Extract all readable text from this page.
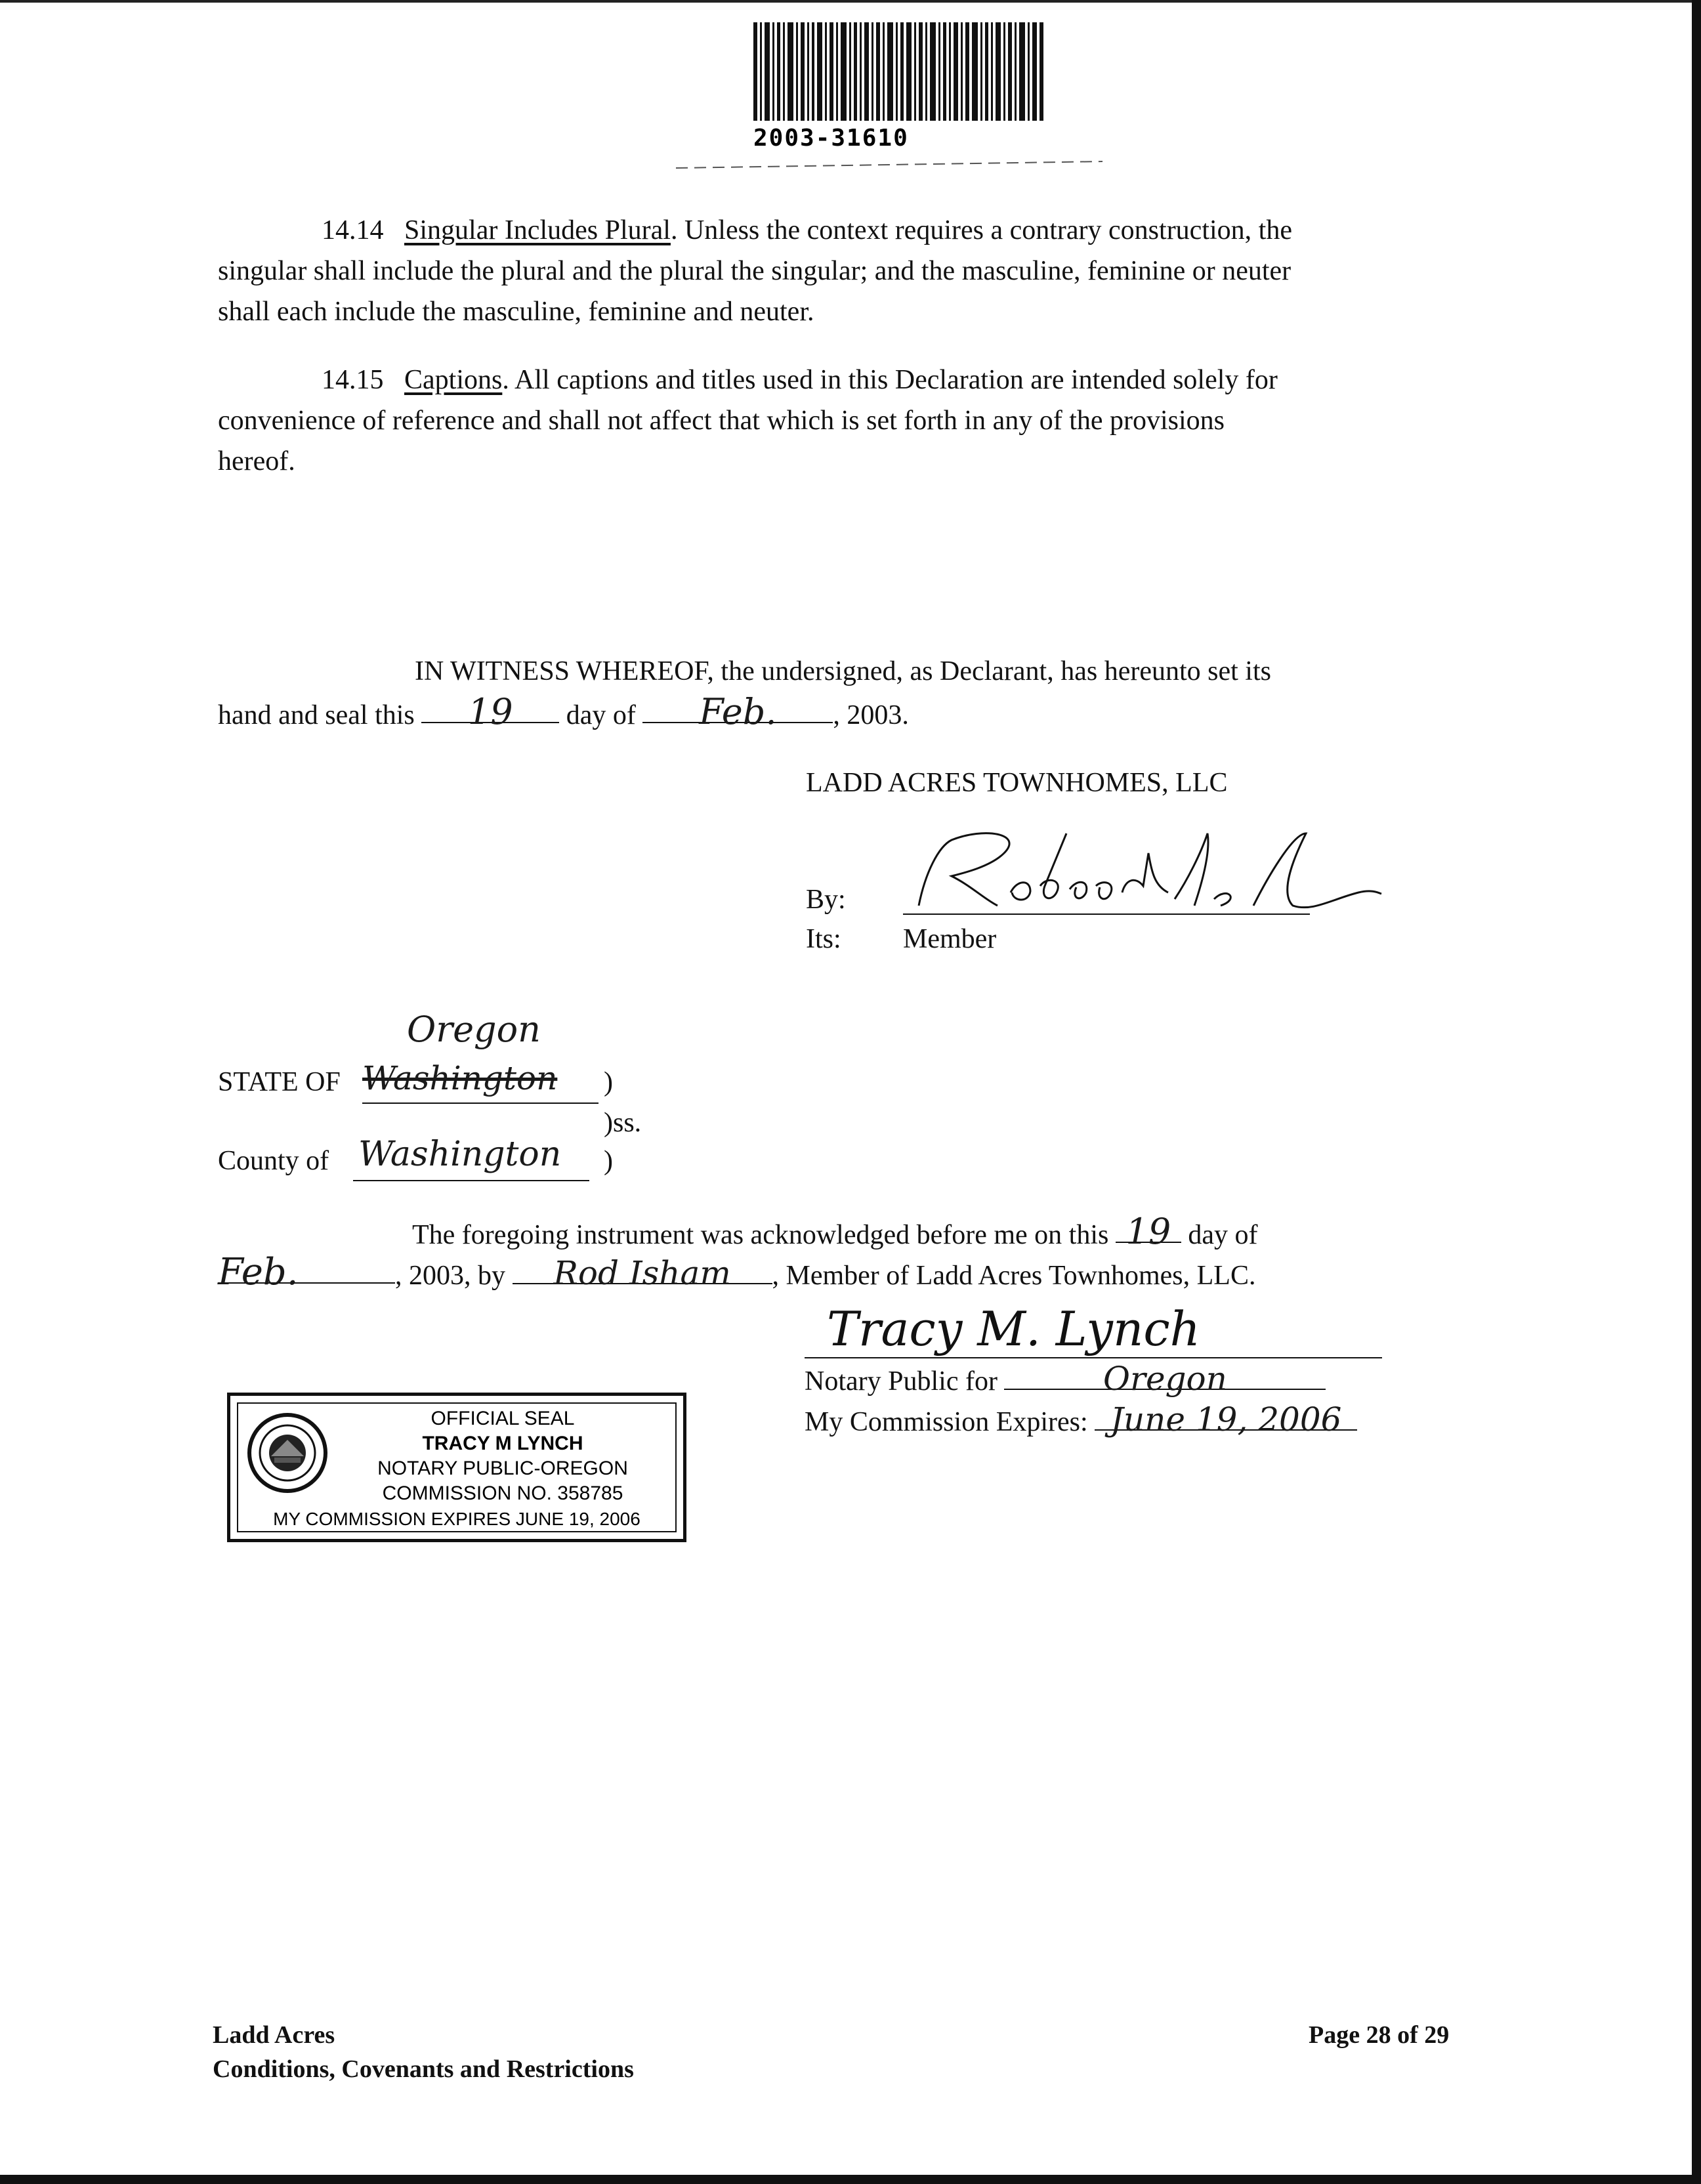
2003-31610
14.14 Singular Includes Plural. Unless the context requires a contrary construction, the
singular shall include the plural and the plural the singular; and the masculine, feminine or neuter
shall each include the masculine, feminine and neuter.
14.15 Captions. All captions and titles used in this Declaration are intended solely for
convenience of reference and shall not affect that which is set forth in any of the provisions
hereof.
IN WITNESS WHEREOF, the undersigned, as Declarant, has hereunto set its
hand and seal this 19 day of Feb. , 2003.
LADD ACRES TOWNHOMES, LLC
By:
Its: Member
Oregon
STATE OF Washington )
)ss.
County of Washington )
The foregoing instrument was acknowledged before me on this 19 day of
Feb.	, 2003, by Rod Isham , Member of Ladd Acres Townhomes, LLC.
Tracy M. Lynch
Notary Public for	Oregon
My Commission Expires: June 19, 2006
OFFICIAL SEAL
TRACY M LYNCH
NOTARY PUBLIC-OREGON
COMMISSION NO. 358785
MY COMMISSION EXPIRES JUNE 19, 2006
Ladd Acres
Conditions, Covenants and Restrictions
Page 28 of 29
